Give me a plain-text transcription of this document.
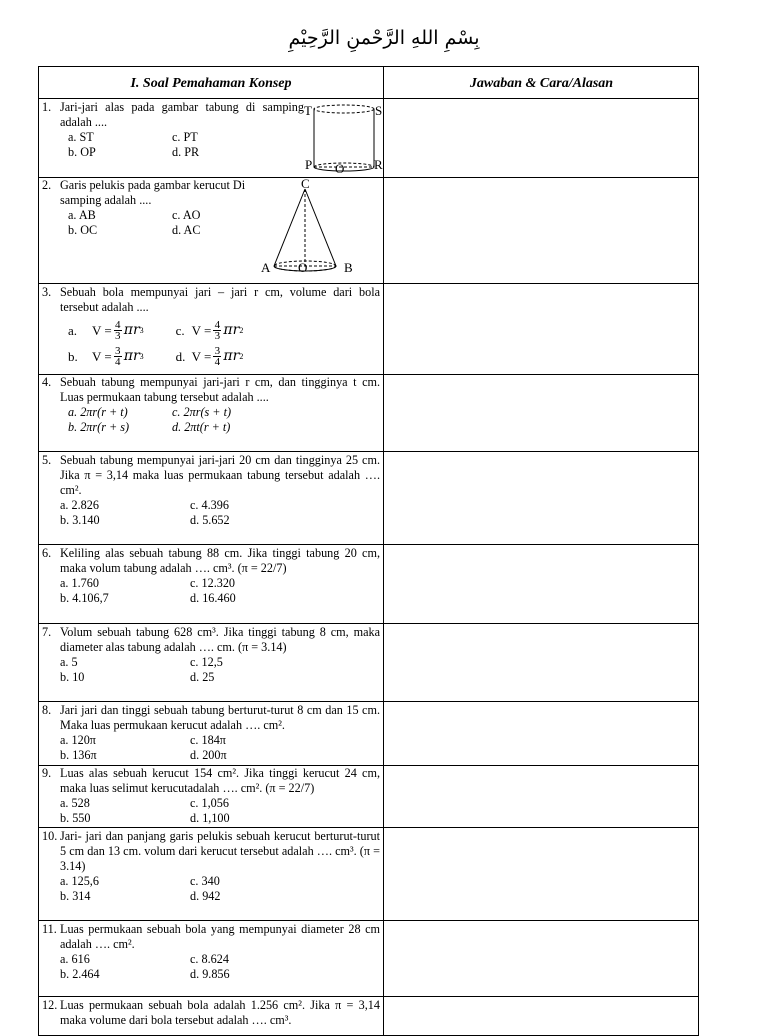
بِسْمِ اللهِ الرَّحْمنِ الرَّحِيْمِ
I. Soal Pemahaman Konsep	Jawaban & Cara/Alasan
1. Jari-jari alas pada gambar tabung di samping adalah ....
a. ST	c. PT
b. OP	d. PR
T	S
P O R
2. Garis pelukis pada gambar kerucut Di samping adalah ....
a. AB	c. AO
b. OC	d. AC
C
A O	B
3. Sebuah bola mempunyai jari – jari r cm, volume dari bola tersebut adalah ....
a.	$V = \frac{4}{3}$ πr 3 c. $V = \frac{4}{3}$ πr 2
b.	$V = \frac{3}{4}$ πr 3 d. $V = \frac{3}{4}$ πr 2
4. Sebuah tabung mempunyai jari-jari r cm, dan tingginya t cm. Luas permukaan tabung tersebut adalah ....
a. 2πr(r + t)	c. 2πr(s + t)
b. 2πr(r + s)	d. 2πt(r + t)
5. Sebuah tabung mempunyai jari-jari 20 cm dan tingginya 25 cm. Jika π = 3,14 maka luas permukaan tabung tersebut adalah …. cm².
a. 2.826	c. 4.396
b. 3.140	d. 5.652
6. Keliling alas sebuah tabung 88 cm. Jika tinggi tabung 20 cm, maka volum tabung adalah …. cm³. (π = 22/7)
a. 1.760	c. 12.320
b. 4.106,7	d. 16.460
7. Volum sebuah tabung 628 cm³. Jika tinggi tabung 8 cm, maka diameter alas tabung adalah …. cm. (π = 3.14)
a. 5	c. 12,5
b. 10	d. 25
8. Jari jari dan tinggi sebuah tabung berturut-turut 8 cm dan 15 cm. Maka luas permukaan kerucut adalah …. cm².
a. 120π	c. 184π
b. 136π	d. 200π
9. Luas alas sebuah kerucut 154 cm². Jika tinggi kerucut 24 cm, maka luas selimut kerucutadalah …. cm². (π = 22/7)
a. 528	c. 1,056
b. 550	d. 1,100
10. Jari- jari dan panjang garis pelukis sebuah kerucut berturut-turut 5 cm dan 13 cm. volum dari kerucut tersebut adalah …. cm³. (π = 3.14)
a. 125,6	c. 340
b. 314	d. 942
11. Luas permukaan sebuah bola yang mempunyai diameter 28 cm adalah …. cm².
a. 616	c. 8.624
b. 2.464	d. 9.856
12. Luas permukaan sebuah bola adalah 1.256 cm². Jika π = 3,14 maka volume dari bola tersebut adalah …. cm³.
